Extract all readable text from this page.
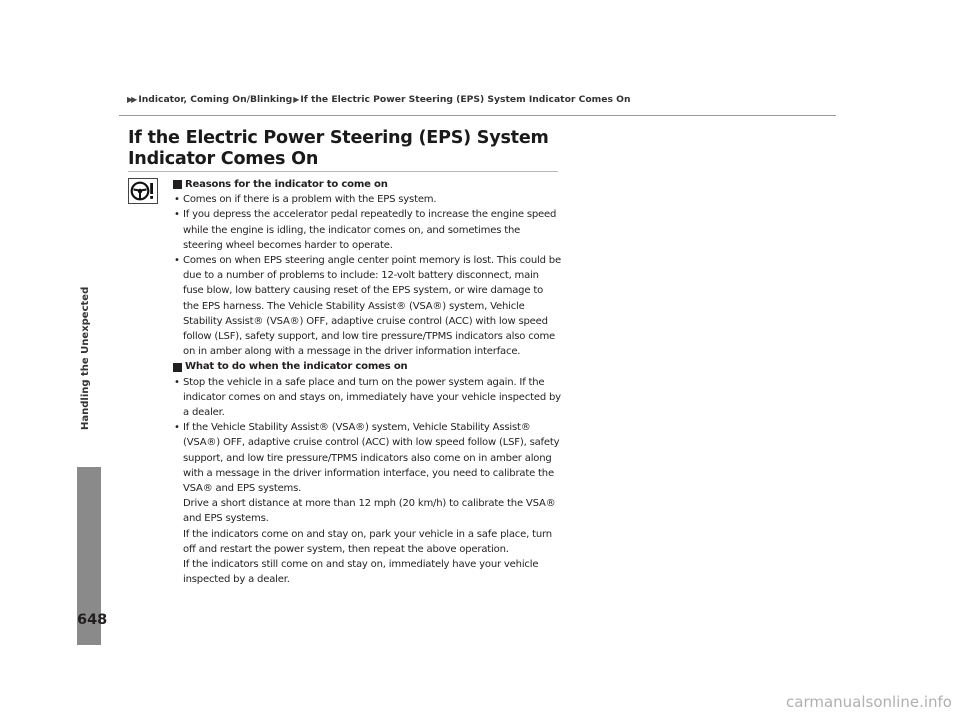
▶▶ Indicator, Coming On/Blinking ▶ If the Electric Power Steering (EPS) System Indicator Comes On
If the Electric Power Steering (EPS) System Indicator Comes On
Handling the Unexpected
Reasons for the indicator to come on
• Comes on if there is a problem with the EPS system.
• If you depress the accelerator pedal repeatedly to increase the engine speed while the engine is idling, the indicator comes on, and sometimes the steering wheel becomes harder to operate.
• Comes on when EPS steering angle center point memory is lost. This could be due to a number of problems to include: 12-volt battery disconnect, main fuse blow, low battery causing reset of the EPS system, or wire damage to the EPS harness. The Vehicle Stability Assist® (VSA®) system, Vehicle Stability Assist® (VSA®) OFF, adaptive cruise control (ACC) with low speed follow (LSF), safety support, and low tire pressure/TPMS indicators also come on in amber along with a message in the driver information interface.
What to do when the indicator comes on
• Stop the vehicle in a safe place and turn on the power system again. If the indicator comes on and stays on, immediately have your vehicle inspected by a dealer.
• If the Vehicle Stability Assist® (VSA®) system, Vehicle Stability Assist® (VSA®) OFF, adaptive cruise control (ACC) with low speed follow (LSF), safety support, and low tire pressure/TPMS indicators also come on in amber along with a message in the driver information interface, you need to calibrate the VSA® and EPS systems.
Drive a short distance at more than 12 mph (20 km/h) to calibrate the VSA® and EPS systems.
If the indicators come on and stay on, park your vehicle in a safe place, turn off and restart the power system, then repeat the above operation.
If the indicators still come on and stay on, immediately have your vehicle inspected by a dealer.
648
carmanualsonline.info
